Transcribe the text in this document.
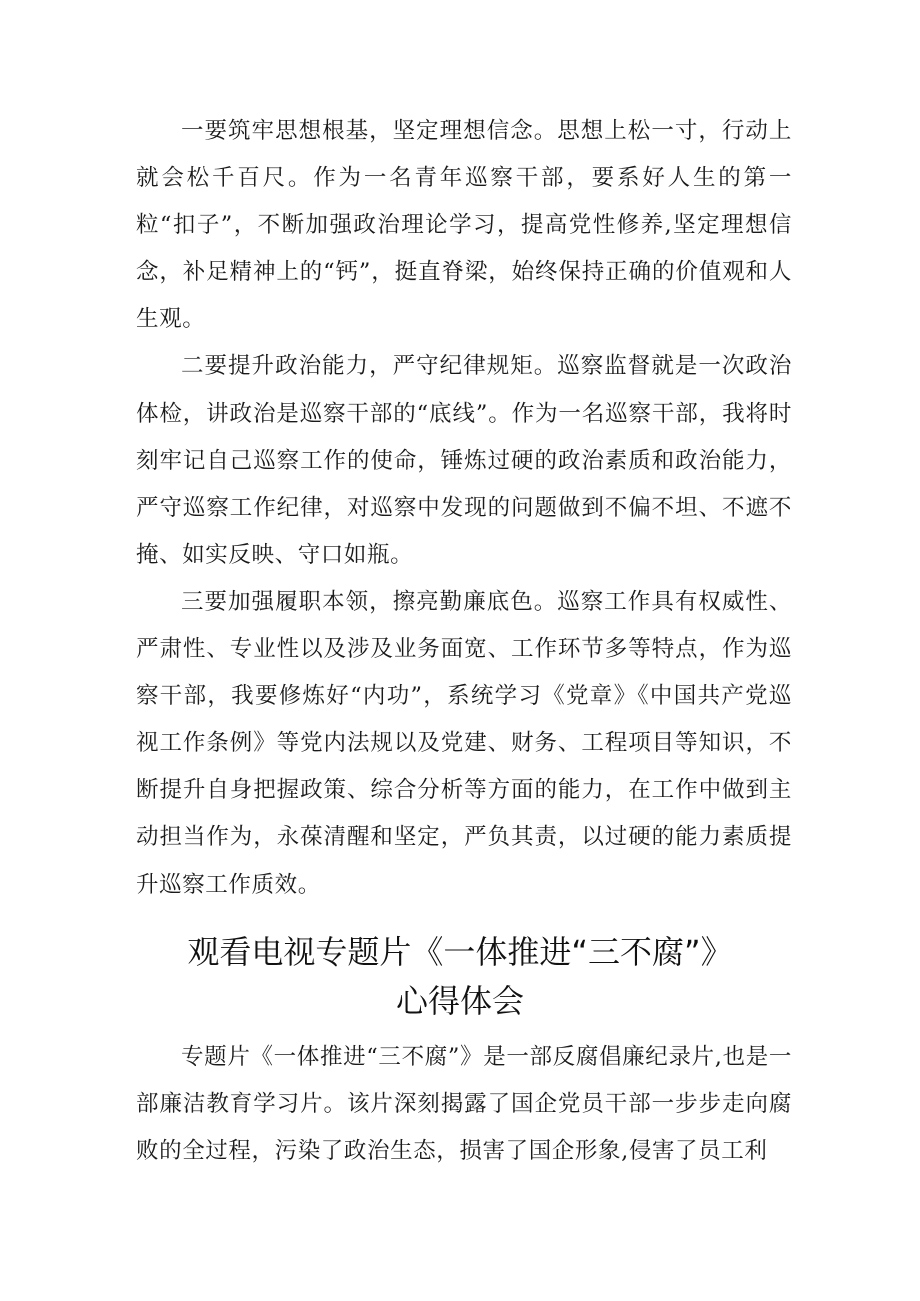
一要筑牢思想根基，坚定理想信念。思想上松一寸，行动上就会松千百尺。作为一名青年巡察干部，要系好人生的第一粒“扣子”，不断加强政治理论学习，提高党性修养,坚定理想信念，补足精神上的“钙”，挺直脊梁，始终保持正确的价值观和人生观。

二要提升政治能力，严守纪律规矩。巡察监督就是一次政治体检，讲政治是巡察干部的“底线”。作为一名巡察干部，我将时刻牢记自己巡察工作的使命，锤炼过硬的政治素质和政治能力，严守巡察工作纪律，对巡察中发现的问题做到不偏不坦、不遮不掩、如实反映、守口如瓶。

三要加强履职本领，擦亮勤廉底色。巡察工作具有权威性、严肃性、专业性以及涉及业务面宽、工作环节多等特点，作为巡察干部，我要修炼好“内功”，系统学习《党章》《中国共产党巡视工作条例》等党内法规以及党建、财务、工程项目等知识，不断提升自身把握政策、综合分析等方面的能力，在工作中做到主动担当作为，永葆清醒和坚定，严负其责，以过硬的能力素质提升巡察工作质效。

观看电视专题片《一体推进“三不腐”》
心得体会

专题片《一体推进“三不腐”》是一部反腐倡廉纪录片,也是一部廉洁教育学习片。该片深刻揭露了国企党员干部一步步走向腐败的全过程，污染了政治生态，损害了国企形象,侵害了员工利
